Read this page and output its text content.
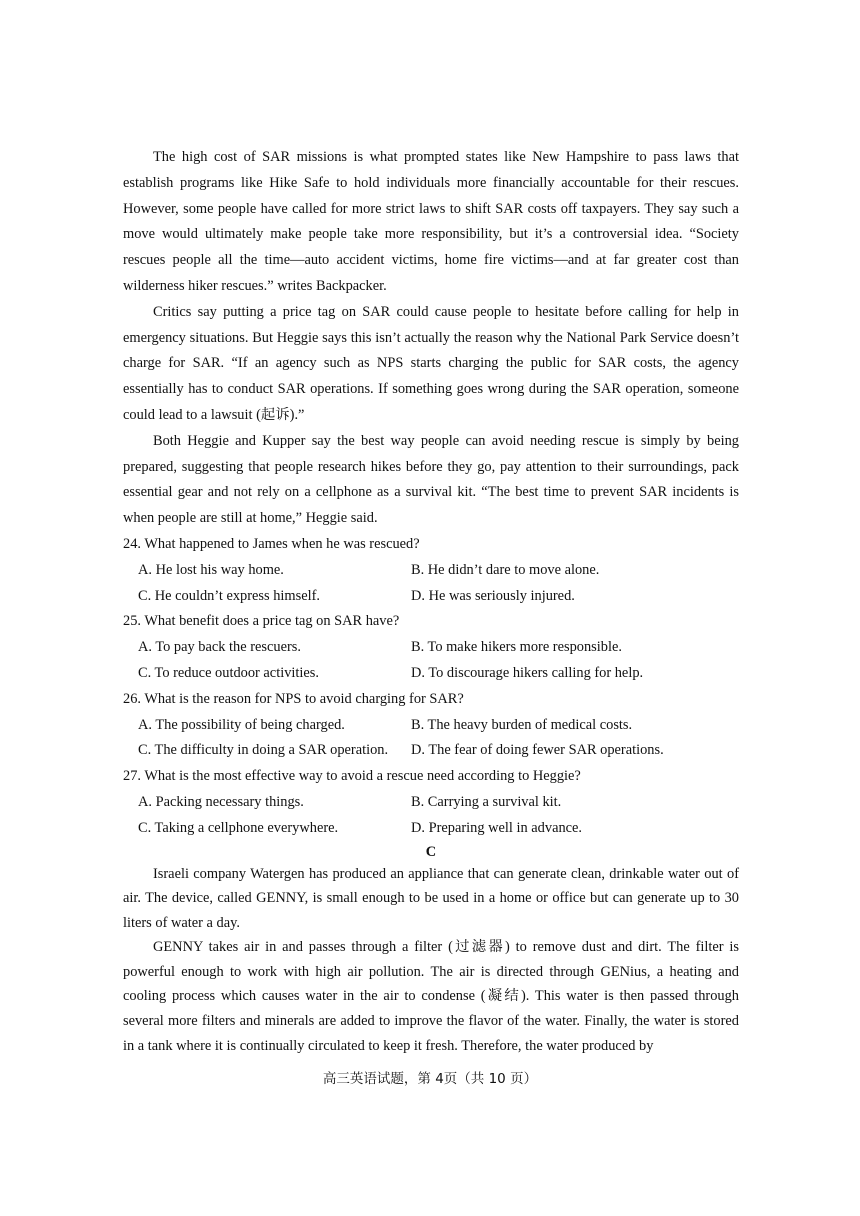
The high cost of SAR missions is what prompted states like New Hampshire to pass laws that establish programs like Hike Safe to hold individuals more financially accountable for their rescues. However, some people have called for more strict laws to shift SAR costs off taxpayers. They say such a move would ultimately make people take more responsibility, but it’s a controversial idea. “Society rescues people all the time—auto accident victims, home fire victims—and at far greater cost than wilderness hiker rescues.” writes Backpacker.

Critics say putting a price tag on SAR could cause people to hesitate before calling for help in emergency situations. But Heggie says this isn’t actually the reason why the National Park Service doesn’t charge for SAR. “If an agency such as NPS starts charging the public for SAR costs, the agency essentially has to conduct SAR operations. If something goes wrong during the SAR operation, someone could lead to a lawsuit (起诉).”

Both Heggie and Kupper say the best way people can avoid needing rescue is simply by being prepared, suggesting that people research hikes before they go, pay attention to their surroundings, pack essential gear and not rely on a cellphone as a survival kit. “The best time to prevent SAR incidents is when people are still at home,” Heggie said.

24. What happened to James when he was rescued?

A. He lost his way home.	B. He didn’t dare to move alone.
C. He couldn’t express himself.	D. He was seriously injured.

25. What benefit does a price tag on SAR have?

A. To pay back the rescuers.	B. To make hikers more responsible.
C. To reduce outdoor activities.	D. To discourage hikers calling for help.

26. What is the reason for NPS to avoid charging for SAR?

A. The possibility of being charged.	B. The heavy burden of medical costs.
C. The difficulty in doing a SAR operation.	D. The fear of doing fewer SAR operations.

27. What is the most effective way to avoid a rescue need according to Heggie?

A. Packing necessary things.	B. Carrying a survival kit.
C. Taking a cellphone everywhere.	D. Preparing well in advance.

C

Israeli company Watergen has produced an appliance that can generate clean, drinkable water out of air. The device, called GENNY, is small enough to be used in a home or office but can generate up to 30 liters of water a day.

GENNY takes air in and passes through a filter (过滤器) to remove dust and dirt. The filter is powerful enough to work with high air pollution. The air is directed through GENius, a heating and cooling process which causes water in the air to condense (凝结). This water is then passed through several more filters and minerals are added to improve the flavor of the water. Finally, the water is stored in a tank where it is continually circulated to keep it fresh. Therefore, the water produced by

高三英语试题，第 4页（共 10 页）
